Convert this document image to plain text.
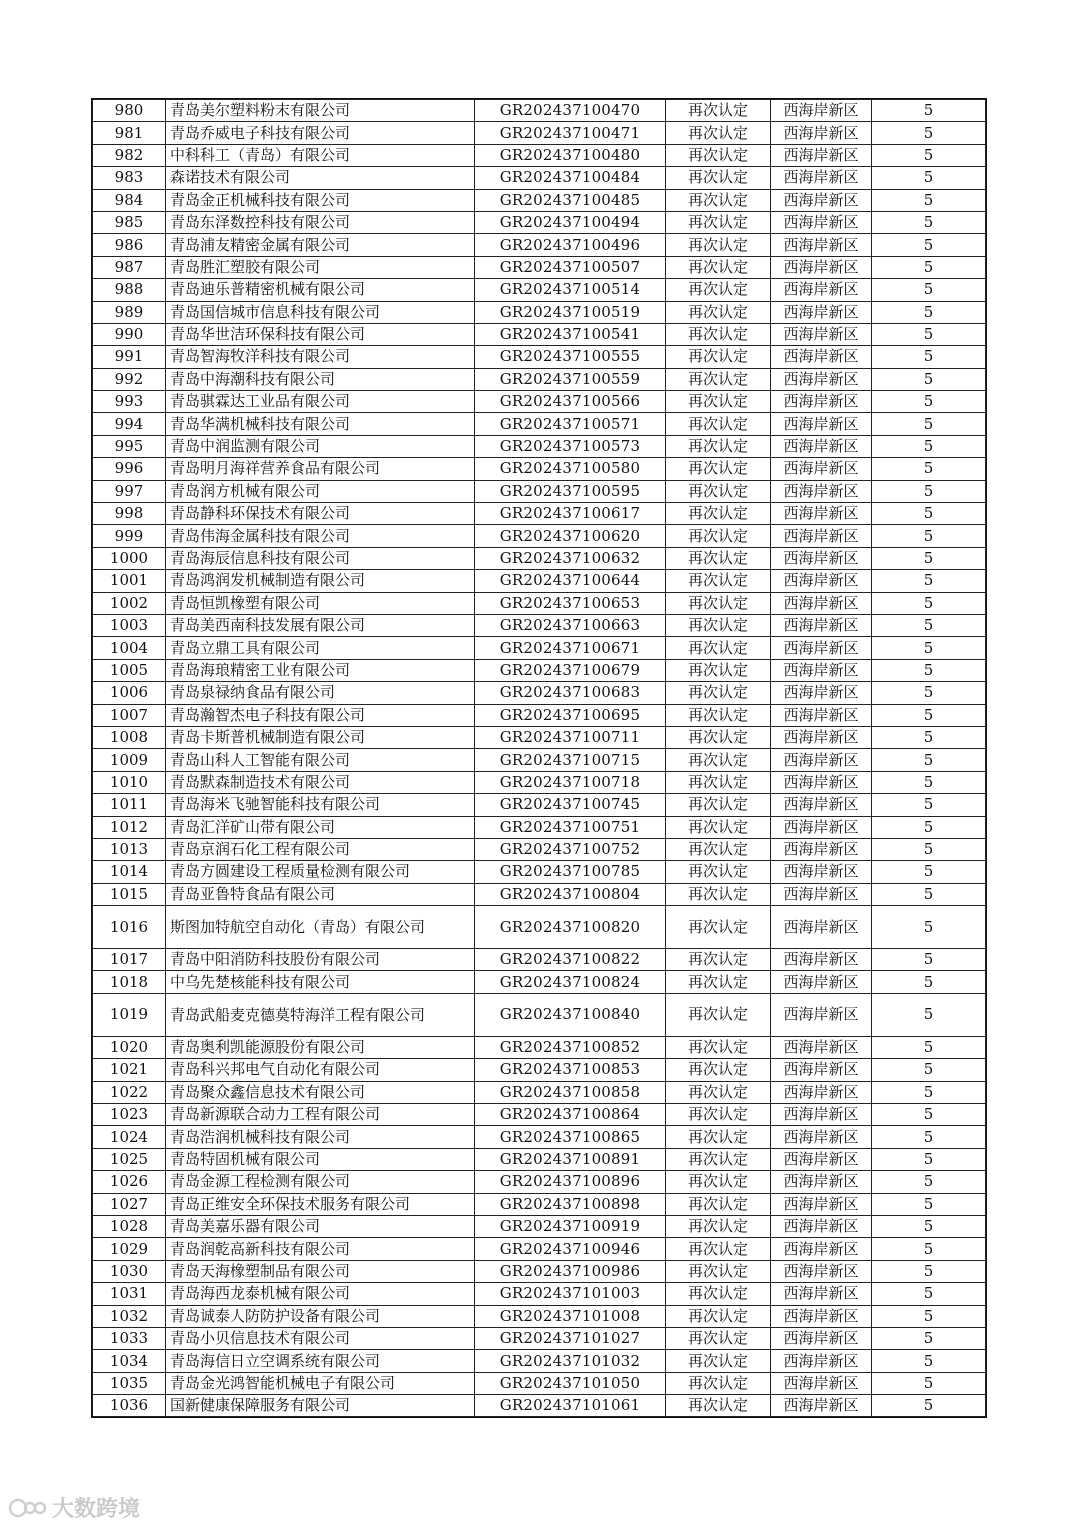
980	青岛美尔塑料粉末有限公司	GR202437100470	再次认定	西海岸新区	5
981	青岛乔威电子科技有限公司	GR202437100471	再次认定	西海岸新区	5
982	中科科工（青岛）有限公司	GR202437100480	再次认定	西海岸新区	5
983	森诺技术有限公司	GR202437100484	再次认定	西海岸新区	5
984	青岛金正机械科技有限公司	GR202437100485	再次认定	西海岸新区	5
985	青岛东泽数控科技有限公司	GR202437100494	再次认定	西海岸新区	5
986	青岛浦友精密金属有限公司	GR202437100496	再次认定	西海岸新区	5
987	青岛胜汇塑胶有限公司	GR202437100507	再次认定	西海岸新区	5
988	青岛迪乐普精密机械有限公司	GR202437100514	再次认定	西海岸新区	5
989	青岛国信城市信息科技有限公司	GR202437100519	再次认定	西海岸新区	5
990	青岛华世洁环保科技有限公司	GR202437100541	再次认定	西海岸新区	5
991	青岛智海牧洋科技有限公司	GR202437100555	再次认定	西海岸新区	5
992	青岛中海潮科技有限公司	GR202437100559	再次认定	西海岸新区	5
993	青岛骐霖达工业品有限公司	GR202437100566	再次认定	西海岸新区	5
994	青岛华满机械科技有限公司	GR202437100571	再次认定	西海岸新区	5
995	青岛中润监测有限公司	GR202437100573	再次认定	西海岸新区	5
996	青岛明月海祥营养食品有限公司	GR202437100580	再次认定	西海岸新区	5
997	青岛润方机械有限公司	GR202437100595	再次认定	西海岸新区	5
998	青岛静科环保技术有限公司	GR202437100617	再次认定	西海岸新区	5
999	青岛伟海金属科技有限公司	GR202437100620	再次认定	西海岸新区	5
1000	青岛海辰信息科技有限公司	GR202437100632	再次认定	西海岸新区	5
1001	青岛鸿润发机械制造有限公司	GR202437100644	再次认定	西海岸新区	5
1002	青岛恒凯橡塑有限公司	GR202437100653	再次认定	西海岸新区	5
1003	青岛美西南科技发展有限公司	GR202437100663	再次认定	西海岸新区	5
1004	青岛立鼎工具有限公司	GR202437100671	再次认定	西海岸新区	5
1005	青岛海琅精密工业有限公司	GR202437100679	再次认定	西海岸新区	5
1006	青岛泉禄纳食品有限公司	GR202437100683	再次认定	西海岸新区	5
1007	青岛瀚智杰电子科技有限公司	GR202437100695	再次认定	西海岸新区	5
1008	青岛卡斯普机械制造有限公司	GR202437100711	再次认定	西海岸新区	5
1009	青岛山科人工智能有限公司	GR202437100715	再次认定	西海岸新区	5
1010	青岛默森制造技术有限公司	GR202437100718	再次认定	西海岸新区	5
1011	青岛海米飞驰智能科技有限公司	GR202437100745	再次认定	西海岸新区	5
1012	青岛汇洋矿山带有限公司	GR202437100751	再次认定	西海岸新区	5
1013	青岛京润石化工程有限公司	GR202437100752	再次认定	西海岸新区	5
1014	青岛方圆建设工程质量检测有限公司	GR202437100785	再次认定	西海岸新区	5
1015	青岛亚鲁特食品有限公司	GR202437100804	再次认定	西海岸新区	5
1016	斯图加特航空自动化（青岛）有限公司	GR202437100820	再次认定	西海岸新区	5
1017	青岛中阳消防科技股份有限公司	GR202437100822	再次认定	西海岸新区	5
1018	中乌先楚核能科技有限公司	GR202437100824	再次认定	西海岸新区	5
1019	青岛武船麦克德莫特海洋工程有限公司	GR202437100840	再次认定	西海岸新区	5
1020	青岛奥利凯能源股份有限公司	GR202437100852	再次认定	西海岸新区	5
1021	青岛科兴邦电气自动化有限公司	GR202437100853	再次认定	西海岸新区	5
1022	青岛聚众鑫信息技术有限公司	GR202437100858	再次认定	西海岸新区	5
1023	青岛新源联合动力工程有限公司	GR202437100864	再次认定	西海岸新区	5
1024	青岛浩润机械科技有限公司	GR202437100865	再次认定	西海岸新区	5
1025	青岛特固机械有限公司	GR202437100891	再次认定	西海岸新区	5
1026	青岛金源工程检测有限公司	GR202437100896	再次认定	西海岸新区	5
1027	青岛正维安全环保技术服务有限公司	GR202437100898	再次认定	西海岸新区	5
1028	青岛美嘉乐器有限公司	GR202437100919	再次认定	西海岸新区	5
1029	青岛润乾高新科技有限公司	GR202437100946	再次认定	西海岸新区	5
1030	青岛天海橡塑制品有限公司	GR202437100986	再次认定	西海岸新区	5
1031	青岛海西龙泰机械有限公司	GR202437101003	再次认定	西海岸新区	5
1032	青岛诚泰人防防护设备有限公司	GR202437101008	再次认定	西海岸新区	5
1033	青岛小贝信息技术有限公司	GR202437101027	再次认定	西海岸新区	5
1034	青岛海信日立空调系统有限公司	GR202437101032	再次认定	西海岸新区	5
1035	青岛金光鸿智能机械电子有限公司	GR202437101050	再次认定	西海岸新区	5
1036	国新健康保障服务有限公司	GR202437101061	再次认定	西海岸新区	5
大数跨境
